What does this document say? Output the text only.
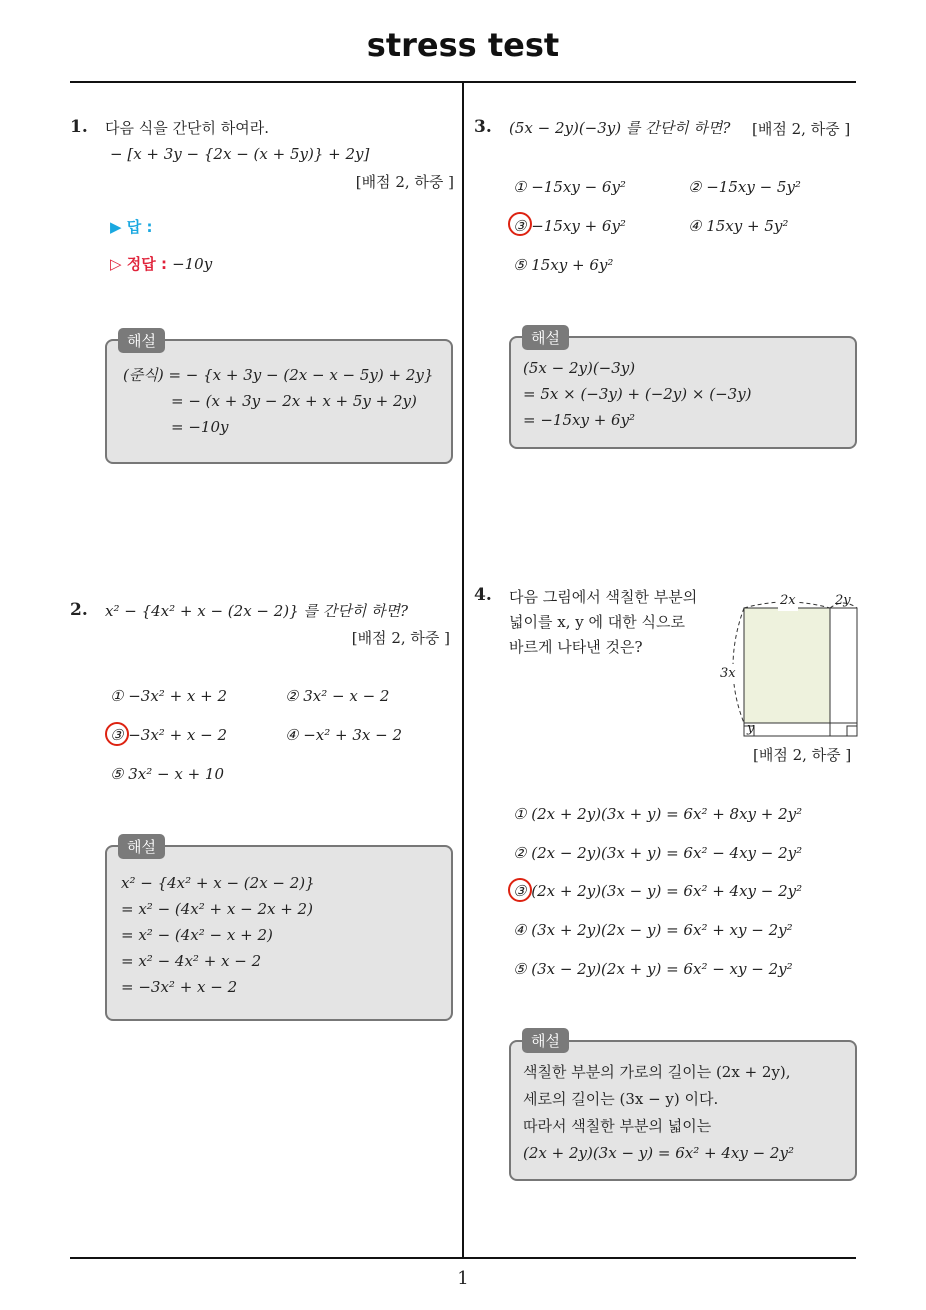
stress test
1
1. 다음 식을 간단히 하여라.
− [x + 3y − {2x − (x + 5y)} + 2y]
[배점 2, 하중 ]
▶ 답 :
▷ 정답 : −10y
(준식) = − {x + 3y − (2x − x − 5y) + 2y}
= − (x + 3y − 2x + x + 5y + 2y)
= −10y
해설
2. x² − {4x² + x − (2x − 2)} 를 간단히 하면?
[배점 2, 하중 ]
① −3x² + x + 2	② 3x² − x − 2
③ −3x² + x − 2	④ −x² + 3x − 2
⑤ 3x² − x + 10
x² − {4x² + x − (2x − 2)}
= x² − (4x² + x − 2x + 2)
= x² − (4x² − x + 2)
= x² − 4x² + x − 2
= −3x² + x − 2
해설
3. (5x − 2y)(−3y) 를 간단히 하면? [배점 2, 하중 ]
① −15xy − 6y²	② −15xy − 5y²
③ −15xy + 6y²	④ 15xy + 5y²
⑤ 15xy + 6y²
(5x − 2y)(−3y)
= 5x × (−3y) + (−2y) × (−3y)
= −15xy + 6y²
해설
4. 다음 그림에서 색칠한 부분의
넓이를 x, y 에 대한 식으로
바르게 나타낸 것은?
2x	2y
3x
y
[배점 2, 하중 ]
① (2x + 2y)(3x + y) = 6x² + 8xy + 2y²
② (2x − 2y)(3x + y) = 6x² − 4xy − 2y²
③ (2x + 2y)(3x − y) = 6x² + 4xy − 2y²
④ (3x + 2y)(2x − y) = 6x² + xy − 2y²
⑤ (3x − 2y)(2x + y) = 6x² − xy − 2y²
색칠한 부분의 가로의 길이는 (2x + 2y),
세로의 길이는 (3x − y) 이다.
따라서 색칠한 부분의 넓이는
(2x + 2y)(3x − y) = 6x² + 4xy − 2y²
해설
